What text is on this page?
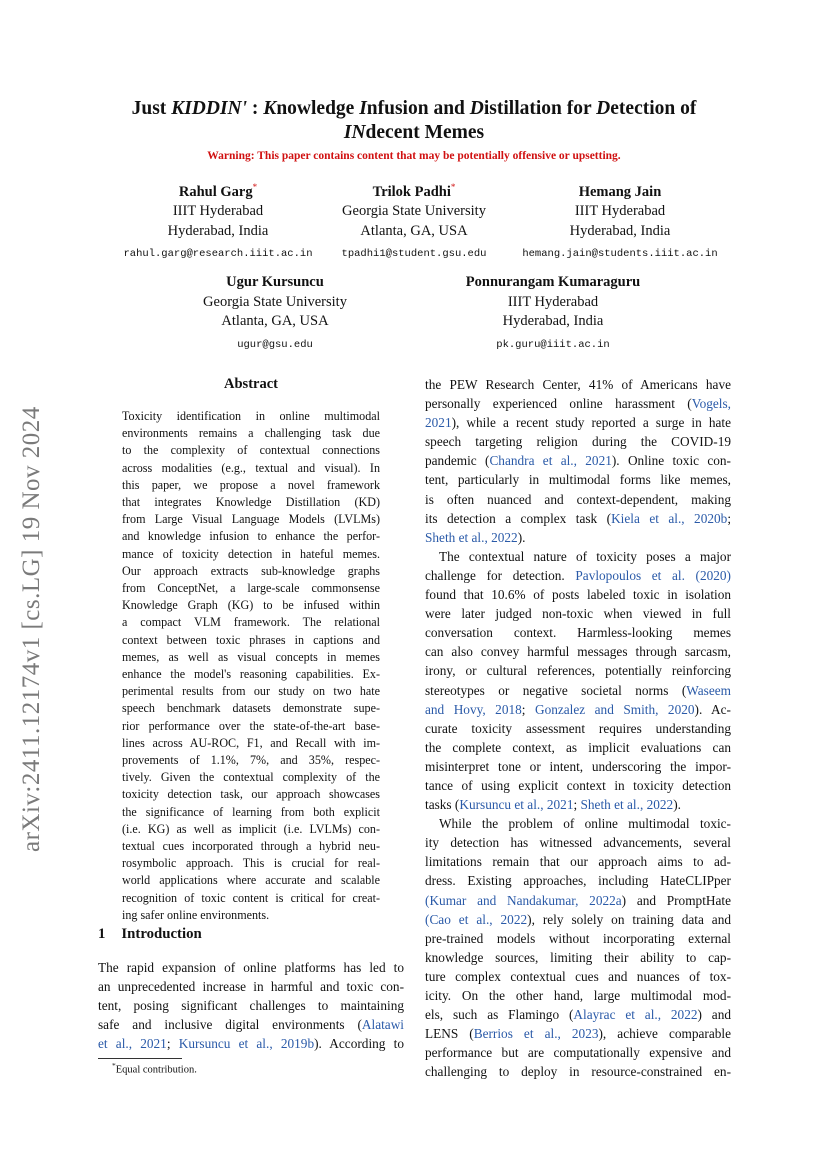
arXiv:2411.12174v1 [cs.LG] 19 Nov 2024
Just KIDDIN' : Knowledge Infusion and Distillation for Detection of
INdecent Memes
Warning: This paper contains content that may be potentially offensive or upsetting.
Rahul Garg*
IIIT Hyderabad
Hyderabad, India
rahul.garg@research.iiit.ac.in
Trilok Padhi*
Georgia State University
Atlanta, GA, USA
tpadhi1@student.gsu.edu
Hemang Jain
IIIT Hyderabad
Hyderabad, India
hemang.jain@students.iiit.ac.in
Ugur Kursuncu
Georgia State University
Atlanta, GA, USA
ugur@gsu.edu
Ponnurangam Kumaraguru
IIIT Hyderabad
Hyderabad, India
pk.guru@iiit.ac.in
Abstract
Toxicity identification in online multimodal
environments remains a challenging task due
to the complexity of contextual connections
across modalities (e.g., textual and visual). In
this paper, we propose a novel framework
that integrates Knowledge Distillation (KD)
from Large Visual Language Models (LVLMs)
and knowledge infusion to enhance the perfor-
mance of toxicity detection in hateful memes.
Our approach extracts sub-knowledge graphs
from ConceptNet, a large-scale commonsense
Knowledge Graph (KG) to be infused within
a compact VLM framework. The relational
context between toxic phrases in captions and
memes, as well as visual concepts in memes
enhance the model's reasoning capabilities. Ex-
perimental results from our study on two hate
speech benchmark datasets demonstrate supe-
rior performance over the state-of-the-art base-
lines across AU-ROC, F1, and Recall with im-
provements of 1.1%, 7%, and 35%, respec-
tively. Given the contextual complexity of the
toxicity detection task, our approach showcases
the significance of learning from both explicit
(i.e. KG) as well as implicit (i.e. LVLMs) con-
textual cues incorporated through a hybrid neu-
rosymbolic approach. This is crucial for real-
world applications where accurate and scalable
recognition of toxic content is critical for creat-
ing safer online environments.
1 Introduction
The rapid expansion of online platforms has led to
an unprecedented increase in harmful and toxic con-
tent, posing significant challenges to maintaining
safe and inclusive digital environments (Alatawi
et al., 2021; Kursuncu et al., 2019b). According to
*Equal contribution.
the PEW Research Center, 41% of Americans have
personally experienced online harassment (Vogels,
2021), while a recent study reported a surge in hate
speech targeting religion during the COVID-19
pandemic (Chandra et al., 2021). Online toxic con-
tent, particularly in multimodal forms like memes,
is often nuanced and context-dependent, making
its detection a complex task (Kiela et al., 2020b;
Sheth et al., 2022).
The contextual nature of toxicity poses a major
challenge for detection. Pavlopoulos et al. (2020)
found that 10.6% of posts labeled toxic in isolation
were later judged non-toxic when viewed in full
conversation context. Harmless-looking memes
can also convey harmful messages through sarcasm,
irony, or cultural references, potentially reinforcing
stereotypes or negative societal norms (Waseem
and Hovy, 2018; Gonzalez and Smith, 2020). Ac-
curate toxicity assessment requires understanding
the complete context, as implicit evaluations can
misinterpret tone or intent, underscoring the impor-
tance of using explicit context in toxicity detection
tasks (Kursuncu et al., 2021; Sheth et al., 2022).
While the problem of online multimodal toxic-
ity detection has witnessed advancements, several
limitations remain that our approach aims to ad-
dress. Existing approaches, including HateCLIPper
(Kumar and Nandakumar, 2022a) and PromptHate
(Cao et al., 2022), rely solely on training data and
pre-trained models without incorporating external
knowledge sources, limiting their ability to cap-
ture complex contextual cues and nuances of tox-
icity. On the other hand, large multimodal mod-
els, such as Flamingo (Alayrac et al., 2022) and
LENS (Berrios et al., 2023), achieve comparable
performance but are computationally expensive and
challenging to deploy in resource-constrained en-
